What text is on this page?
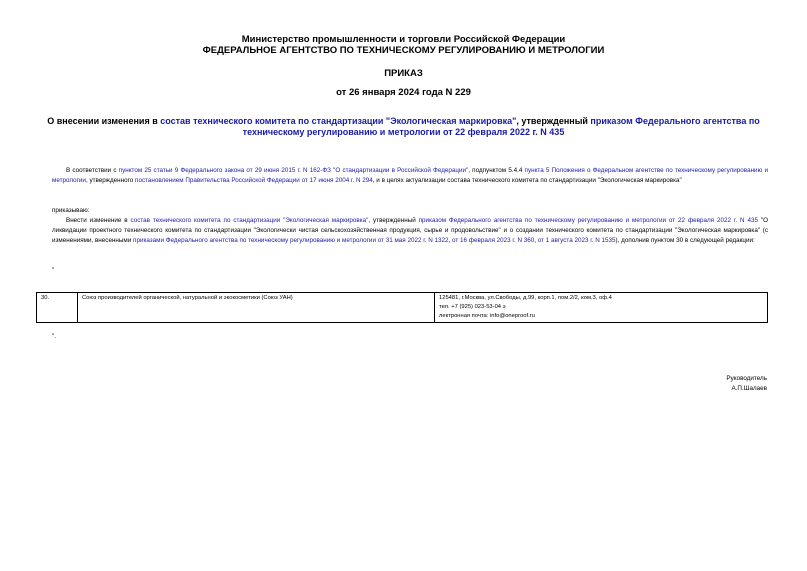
Министерство промышленности и торговли Российской Федерации
ФЕДЕРАЛЬНОЕ АГЕНТСТВО ПО ТЕХНИЧЕСКОМУ РЕГУЛИРОВАНИЮ И МЕТРОЛОГИИ
ПРИКАЗ
от 26 января 2024 года N 229
О внесении изменения в состав технического комитета по стандартизации "Экологическая маркировка", утвержденный приказом Федерального агентства по техническому регулированию и метрологии от 22 февраля 2022 г. N 435
В соответствии с пунктом 25 статьи 9 Федерального закона от 29 июня 2015 г. N 162-ФЗ "О стандартизации в Российской Федерации", подпунктом 5.4.4 пункта 5 Положения о Федеральном агентстве по техническому регулированию и метрологии, утвержденного постановлением Правительства Российской Федерации от 17 июня 2004 г. N 294, и в целях актуализации состава технического комитета по стандартизации "Экологическая маркировка"
приказываю:
Внести изменение в состав технического комитета по стандартизации "Экологическая маркировка", утвержденный приказом Федерального агентства по техническому регулированию и метрологии от 22 февраля 2022 г. N 435 "О ликвидации проектного технического комитета по стандартизации "Экологически чистая сельскохозяйственная продукция, сырье и продовольствие" и о создании технического комитета по стандартизации "Экологическая маркировка" (с изменениями, внесенными приказами Федерального агентства по техническому регулированию и метрологии от 31 мая 2022 г. N 1322, от 16 февраля 2023 г. N 360, от 1 августа 2023 г. N 1535), дополнив пунктом 30 в следующей редакции:
"
30.	Союз производителей органической, натуральной и экокосметики (Союз УАН)	125481, г.Москва, ул.Свободы, д.99, корп.1, пом.2/2, ком.3, оф.4
тел. +7 (925) 023-53-04 э
лектронная почта: info@oneproof.ru
".
Руководитель
А.П.Шалаев
